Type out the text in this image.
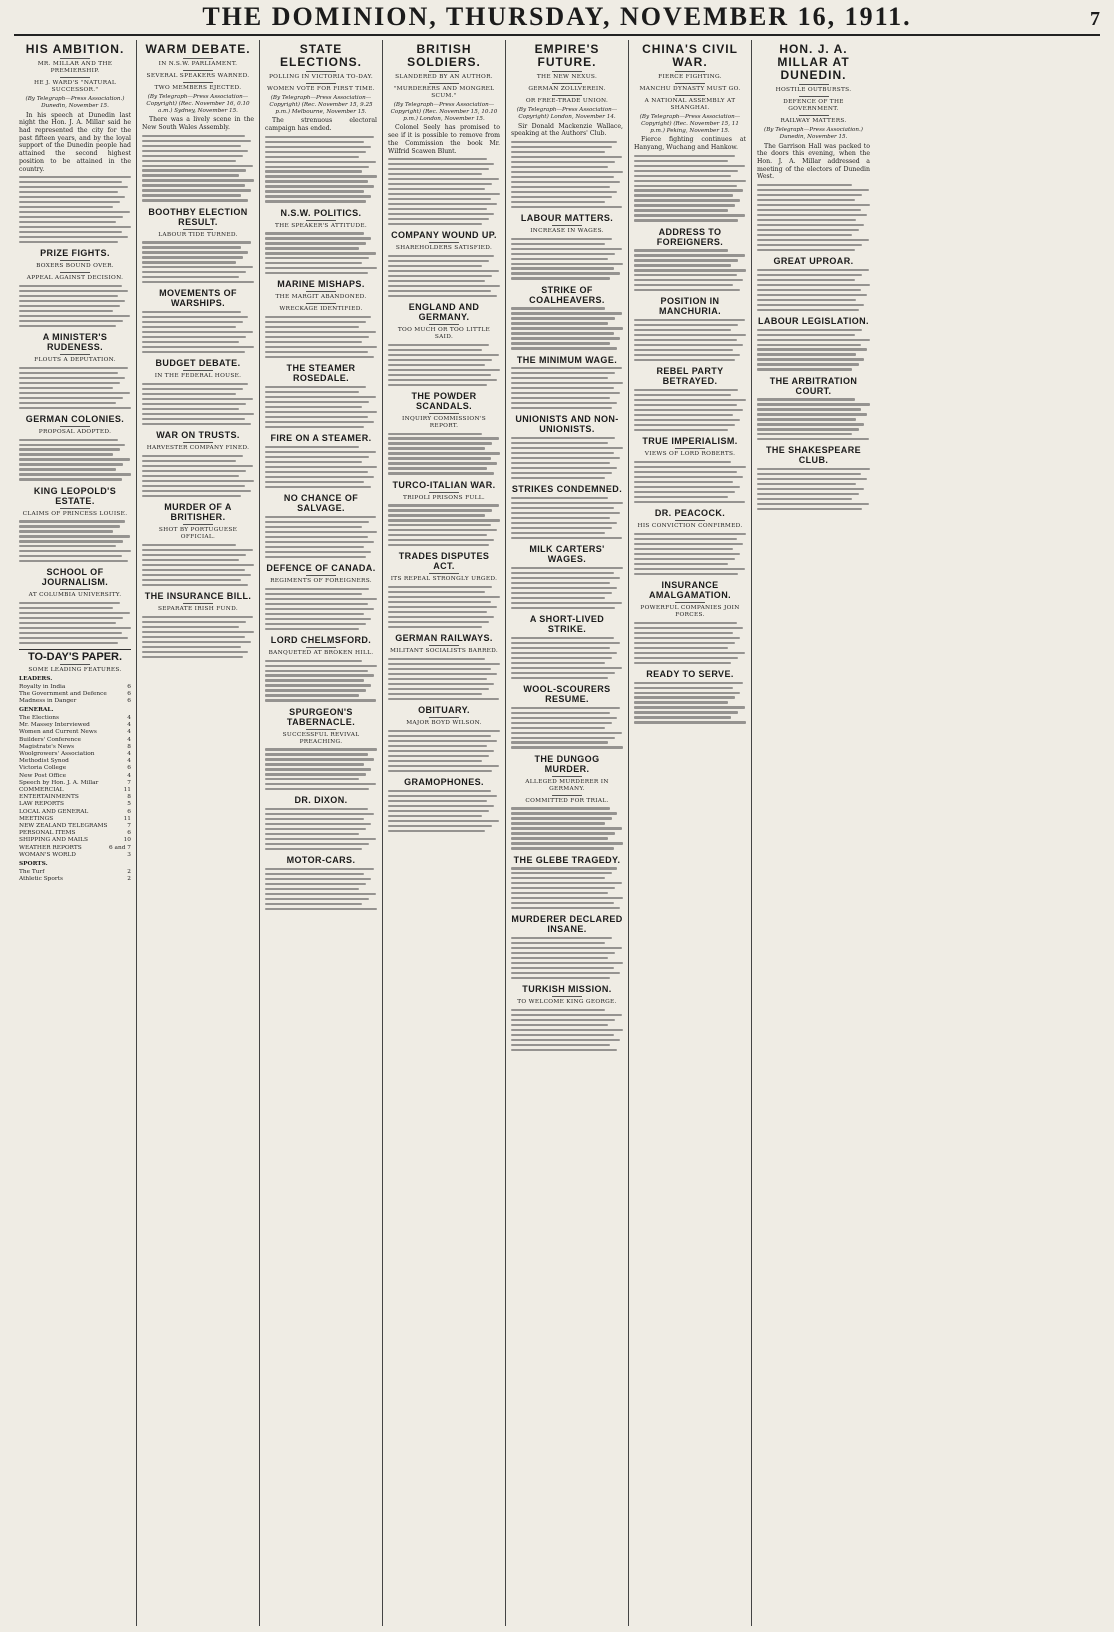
THE DOMINION, THURSDAY, NOVEMBER 16, 1911.	7
HIS AMBITION.
MR. MILLAR AND THE PREMIERSHIP.
HE J. WARD'S "NATURAL SUCCESSOR."
(By Telegraph—Press Association.) Dunedin, November 15.
In his speech at Dunedin last night the Hon. J. A. Millar said he had represented the city for the past fifteen years, and by the loyal support of the Dunedin people had attained the second highest position to be attained in the country.
PRIZE FIGHTS.
BOXERS BOUND OVER.
APPEAL AGAINST DECISION.
A MINISTER'S RUDENESS.
FLOUTS A DEPUTATION.
GERMAN COLONIES.
PROPOSAL ADOPTED.
KING LEOPOLD'S ESTATE.
CLAIMS OF PRINCESS LOUISE.
SCHOOL OF JOURNALISM.
AT COLUMBIA UNIVERSITY.
TO-DAY'S PAPER.
SOME LEADING FEATURES.
LEADERS.
Royalty in India	6
The Government and Defence	6
Madness in Danger	6
GENERAL.
The Elections	4
Mr. Massey Interviewed	4
Women and Current News	4
Builders' Conference	4
Magistrate's News	8
Woolgrowers' Association	4
Methodist Synod	4
Victoria College	6
New Post Office	4
Speech by Hon. J. A. Millar	7
COMMERCIAL	11
ENTERTAINMENTS	8
LAW REPORTS	5
LOCAL AND GENERAL	6
MEETINGS	11
NEW ZEALAND TELEGRAMS	7
PERSONAL ITEMS	6
SHIPPING AND MAILS	10
WEATHER REPORTS	6 and 7
WOMAN'S WORLD	3
SPORTS.
The Turf	2
Athletic Sports	2
WARM DEBATE.
IN N.S.W. PARLIAMENT.
SEVERAL SPEAKERS WARNED.
TWO MEMBERS EJECTED.
(By Telegraph—Press Association—Copyright) (Rec. November 16, 0.10 a.m.) Sydney, November 15.
There was a lively scene in the New South Wales Assembly.
BOOTHBY ELECTION RESULT.
LABOUR TIDE TURNED.
MOVEMENTS OF WARSHIPS.
BUDGET DEBATE.
IN THE FEDERAL HOUSE.
WAR ON TRUSTS.
HARVESTER COMPANY FINED.
MURDER OF A BRITISHER.
SHOT BY PORTUGUESE OFFICIAL.
THE INSURANCE BILL.
SEPARATE IRISH FUND.
STATE ELECTIONS.
POLLING IN VICTORIA TO-DAY.
WOMEN VOTE FOR FIRST TIME.
(By Telegraph—Press Association—Copyright) (Rec. November 15, 9.25 p.m.) Melbourne, November 15.
The strenuous electoral campaign has ended.
N.S.W. POLITICS.
THE SPEAKER'S ATTITUDE.
MARINE MISHAPS.
THE MARGIT ABANDONED.
WRECKAGE IDENTIFIED.
THE STEAMER ROSEDALE.
FIRE ON A STEAMER.
NO CHANCE OF SALVAGE.
DEFENCE OF CANADA.
REGIMENTS OF FOREIGNERS.
LORD CHELMSFORD.
BANQUETED AT BROKEN HILL.
SPURGEON'S TABERNACLE.
SUCCESSFUL REVIVAL PREACHING.
DR. DIXON.
MOTOR-CARS.
BRITISH SOLDIERS.
SLANDERED BY AN AUTHOR.
"MURDERERS AND MONGREL SCUM."
(By Telegraph—Press Association—Copyright) (Rec. November 15, 10.10 p.m.) London, November 15.
Colonel Seely has promised to see if it is possible to remove from the Commission the book Mr. Wilfrid Scawen Blunt.
COMPANY WOUND UP.
SHAREHOLDERS SATISFIED.
ENGLAND AND GERMANY.
TOO MUCH OR TOO LITTLE SAID.
THE POWDER SCANDALS.
INQUIRY COMMISSION'S REPORT.
TURCO-ITALIAN WAR.
TRIPOLI PRISONS FULL.
TRADES DISPUTES ACT.
ITS REPEAL STRONGLY URGED.
GERMAN RAILWAYS.
MILITANT SOCIALISTS BARRED.
OBITUARY.
MAJOR BOYD WILSON.
GRAMOPHONES.
EMPIRE'S FUTURE.
THE NEW NEXUS.
GERMAN ZOLLVEREIN.
OR FREE-TRADE UNION.
(By Telegraph—Press Association—Copyright) London, November 14.
Sir Donald Mackenzie Wallace, speaking at the Authors' Club.
LABOUR MATTERS.
INCREASE IN WAGES.
STRIKE OF COALHEAVERS.
THE MINIMUM WAGE.
UNIONISTS AND NON-UNIONISTS.
STRIKES CONDEMNED.
MILK CARTERS' WAGES.
A SHORT-LIVED STRIKE.
WOOL-SCOURERS RESUME.
THE DUNGOG MURDER.
ALLEGED MURDERER IN GERMANY.
COMMITTED FOR TRIAL.
THE GLEBE TRAGEDY.
MURDERER DECLARED INSANE.
TURKISH MISSION.
TO WELCOME KING GEORGE.
CHINA'S CIVIL WAR.
FIERCE FIGHTING.
MANCHU DYNASTY MUST GO.
A NATIONAL ASSEMBLY AT SHANGHAI.
(By Telegraph—Press Association—Copyright) (Rec. November 15, 11 p.m.) Peking, November 15.
Fierce fighting continues at Hanyang, Wuchang and Hankow.
ADDRESS TO FOREIGNERS.
POSITION IN MANCHURIA.
REBEL PARTY BETRAYED.
TRUE IMPERIALISM.
VIEWS OF LORD ROBERTS.
DR. PEACOCK.
HIS CONVICTION CONFIRMED.
INSURANCE AMALGAMATION.
POWERFUL COMPANIES JOIN FORCES.
READY TO SERVE.
HON. J. A. MILLAR AT DUNEDIN.
HOSTILE OUTBURSTS.
DEFENCE OF THE GOVERNMENT.
RAILWAY MATTERS.
(By Telegraph—Press Association.) Dunedin, November 15.
The Garrison Hall was packed to the doors this evening, when the Hon. J. A. Millar addressed a meeting of the electors of Dunedin West.
GREAT UPROAR.
LABOUR LEGISLATION.
THE ARBITRATION COURT.
THE SHAKESPEARE CLUB.
